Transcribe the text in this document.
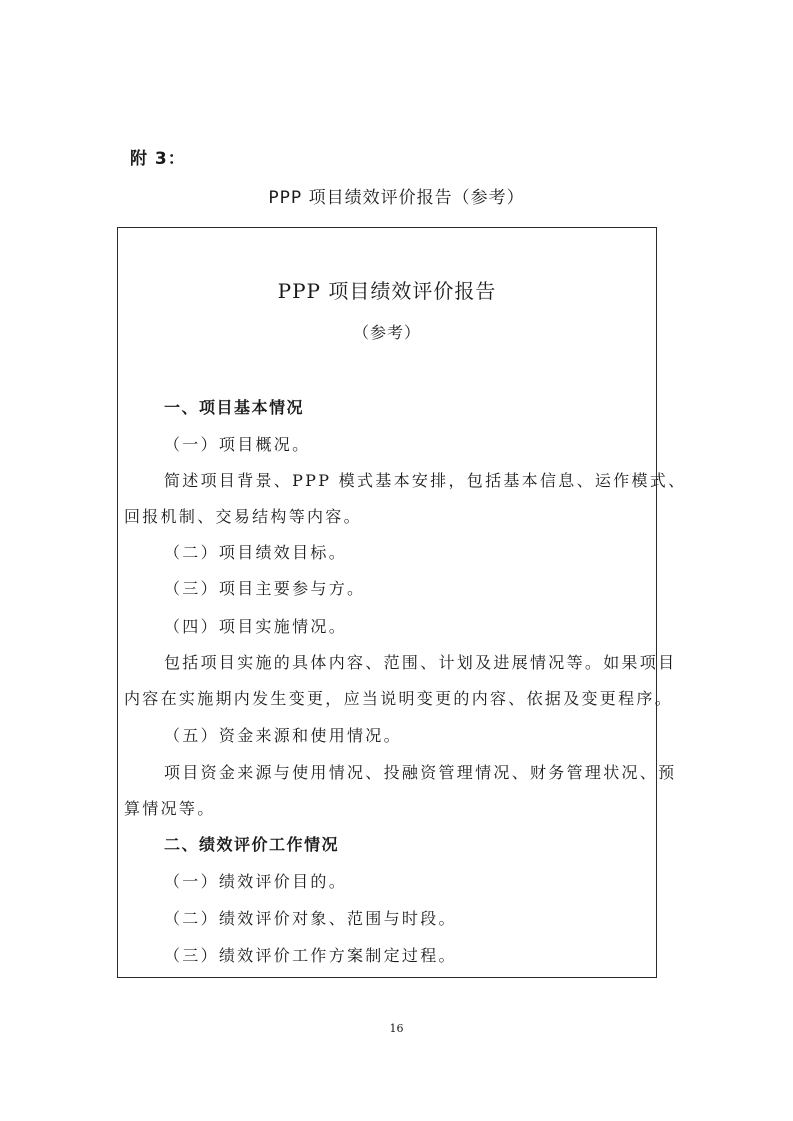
附 3：
PPP 项目绩效评价报告（参考）
PPP 项目绩效评价报告
（参考）
一、项目基本情况
（一）项目概况。
简述项目背景、PPP 模式基本安排，包括基本信息、运作模式、
回报机制、交易结构等内容。
（二）项目绩效目标。
（三）项目主要参与方。
（四）项目实施情况。
包括项目实施的具体内容、范围、计划及进展情况等。如果项目
内容在实施期内发生变更，应当说明变更的内容、依据及变更程序。
（五）资金来源和使用情况。
项目资金来源与使用情况、投融资管理情况、财务管理状况、预
算情况等。
二、绩效评价工作情况
（一）绩效评价目的。
（二）绩效评价对象、范围与时段。
（三）绩效评价工作方案制定过程。
16
